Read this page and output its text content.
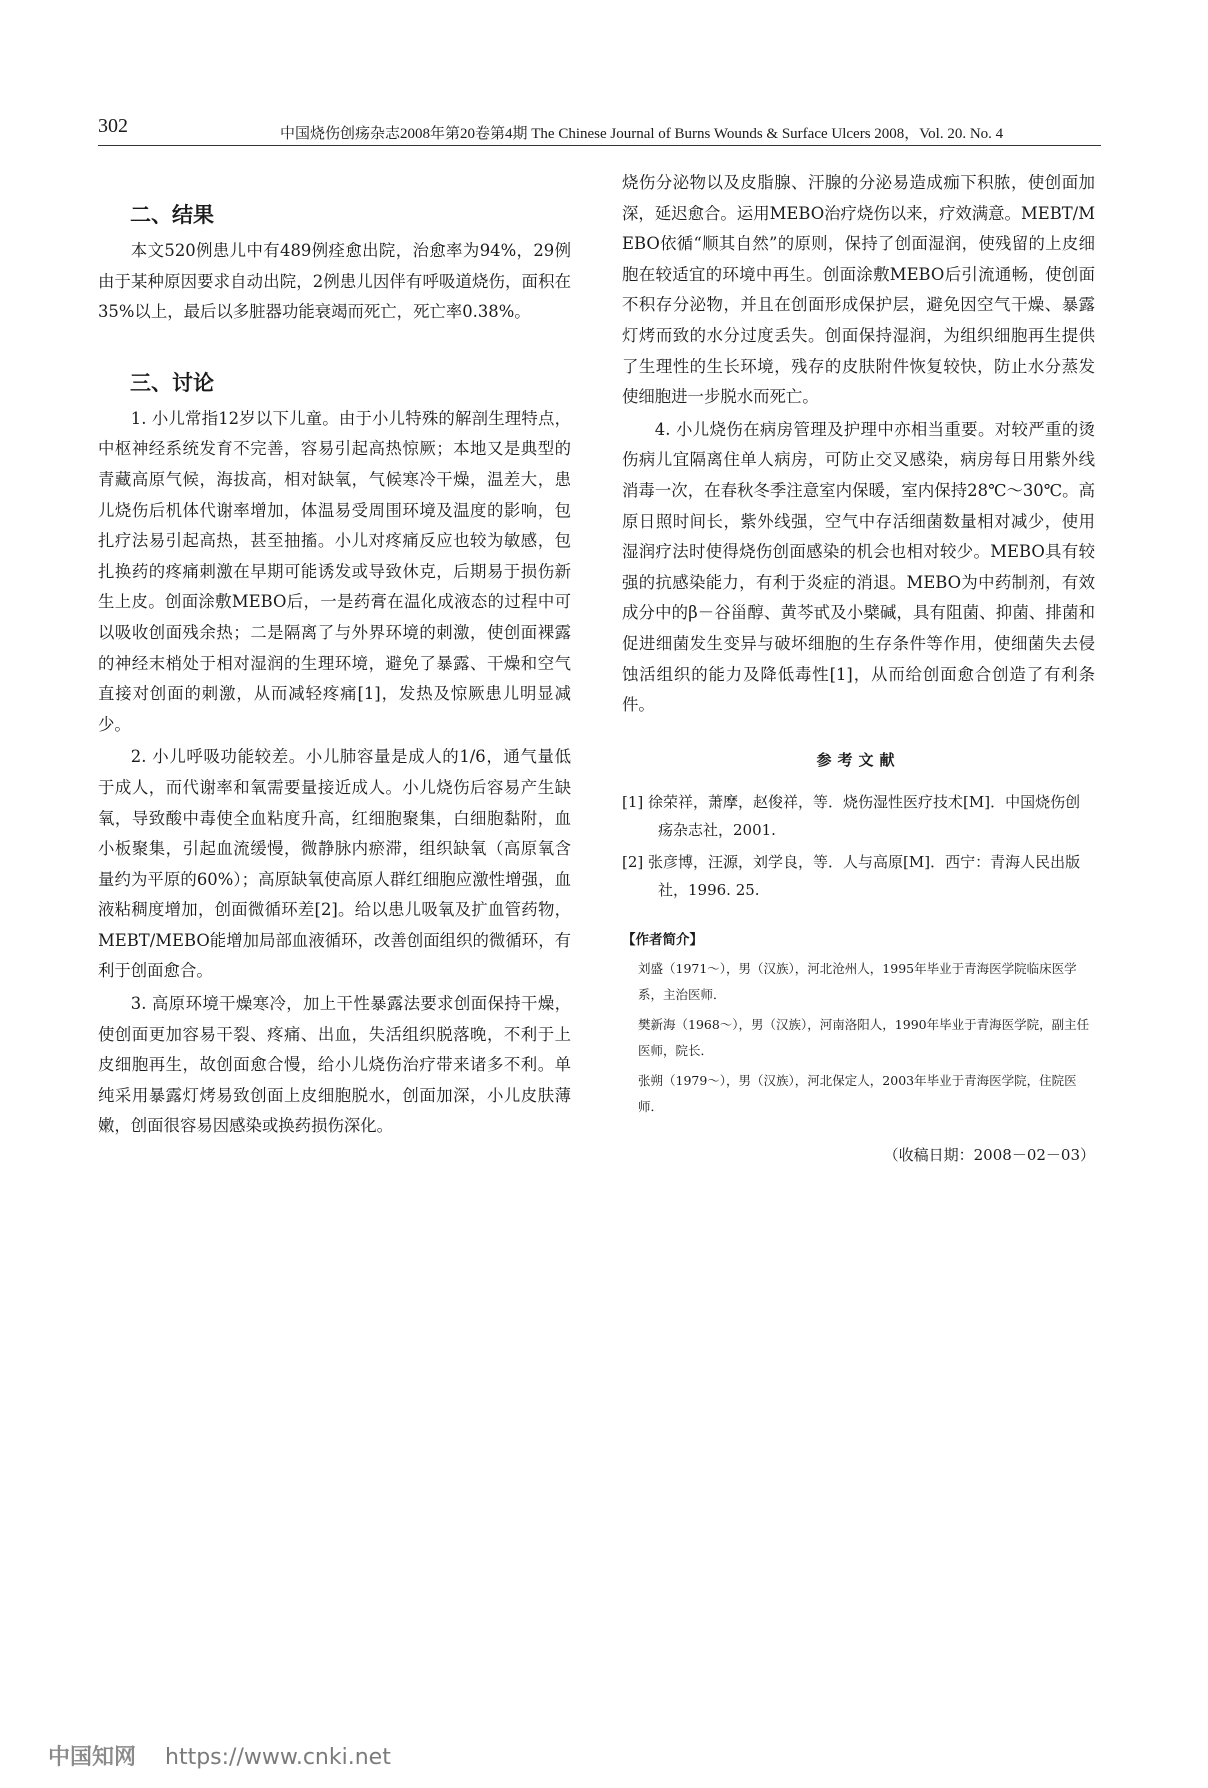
302	中国烧伤创疡杂志2008年第20卷第4期 The Chinese Journal of Burns Wounds & Surface Ulcers 2008，Vol. 20. No. 4
二、结果

本文520例患儿中有489例痊愈出院，治愈率为94%，29例由于某种原因要求自动出院，2例患儿因伴有呼吸道烧伤，面积在35%以上，最后以多脏器功能衰竭而死亡，死亡率0.38%。

三、讨论

1. 小儿常指12岁以下儿童。由于小儿特殊的解剖生理特点，中枢神经系统发育不完善，容易引起高热惊厥；本地又是典型的青藏高原气候，海拔高，相对缺氧，气候寒冷干燥，温差大，患儿烧伤后机体代谢率增加，体温易受周围环境及温度的影响，包扎疗法易引起高热，甚至抽搐。小儿对疼痛反应也较为敏感，包扎换药的疼痛刺激在早期可能诱发或导致休克，后期易于损伤新生上皮。创面涂敷MEBO后，一是药膏在温化成液态的过程中可以吸收创面残余热；二是隔离了与外界环境的刺激，使创面裸露的神经末梢处于相对湿润的生理环境，避免了暴露、干燥和空气直接对创面的刺激，从而减轻疼痛[1]，发热及惊厥患儿明显减少。

2. 小儿呼吸功能较差。小儿肺容量是成人的1/6，通气量低于成人，而代谢率和氧需要量接近成人。小儿烧伤后容易产生缺氧，导致酸中毒使全血粘度升高，红细胞聚集，白细胞黏附，血小板聚集，引起血流缓慢，微静脉内瘀滞，组织缺氧（高原氧含量约为平原的60%）；高原缺氧使高原人群红细胞应激性增强，血液粘稠度增加，创面微循环差[2]。给以患儿吸氧及扩血管药物，MEBT/MEBO能增加局部血液循环，改善创面组织的微循环，有利于创面愈合。

3. 高原环境干燥寒冷，加上干性暴露法要求创面保持干燥，使创面更加容易干裂、疼痛、出血，失活组织脱落晚，不利于上皮细胞再生，故创面愈合慢，给小儿烧伤治疗带来诸多不利。单纯采用暴露灯烤易致创面上皮细胞脱水，创面加深，小儿皮肤薄嫩，创面很容易因感染或换药损伤深化。

烧伤分泌物以及皮脂腺、汗腺的分泌易造成痂下积脓，使创面加深，延迟愈合。运用MEBO治疗烧伤以来，疗效满意。MEBT/MEBO依循“顺其自然”的原则，保持了创面湿润，使残留的上皮细胞在较适宜的环境中再生。创面涂敷MEBO后引流通畅，使创面不积存分泌物，并且在创面形成保护层，避免因空气干燥、暴露灯烤而致的水分过度丢失。创面保持湿润，为组织细胞再生提供了生理性的生长环境，残存的皮肤附件恢复较快，防止水分蒸发使细胞进一步脱水而死亡。

4. 小儿烧伤在病房管理及护理中亦相当重要。对较严重的烫伤病儿宜隔离住单人病房，可防止交叉感染，病房每日用紫外线消毒一次，在春秋冬季注意室内保暖，室内保持28℃～30℃。高原日照时间长，紫外线强，空气中存活细菌数量相对减少，使用湿润疗法时使得烧伤创面感染的机会也相对较少。MEBO具有较强的抗感染能力，有利于炎症的消退。MEBO为中药制剂，有效成分中的β－谷甾醇、黄芩甙及小檗碱，具有阻菌、抑菌、排菌和促进细菌发生变异与破坏细胞的生存条件等作用，使细菌失去侵蚀活组织的能力及降低毒性[1]，从而给创面愈合创造了有利条件。

参考文献

[1] 徐荣祥，萧摩，赵俊祥，等．烧伤湿性医疗技术[M]．中国烧伤创疡杂志社，2001.

[2] 张彦博，汪源，刘学良，等．人与高原[M]．西宁：青海人民出版社，1996. 25.

【作者简介】

刘盛（1971～），男（汉族），河北沧州人，1995年毕业于青海医学院临床医学系，主治医师．

樊新海（1968～），男（汉族），河南洛阳人，1990年毕业于青海医学院，副主任医师，院长．

张朔（1979～），男（汉族），河北保定人，2003年毕业于青海医学院，住院医师．

（收稿日期：2008－02－03）
中国知网 https://www.cnki.net
